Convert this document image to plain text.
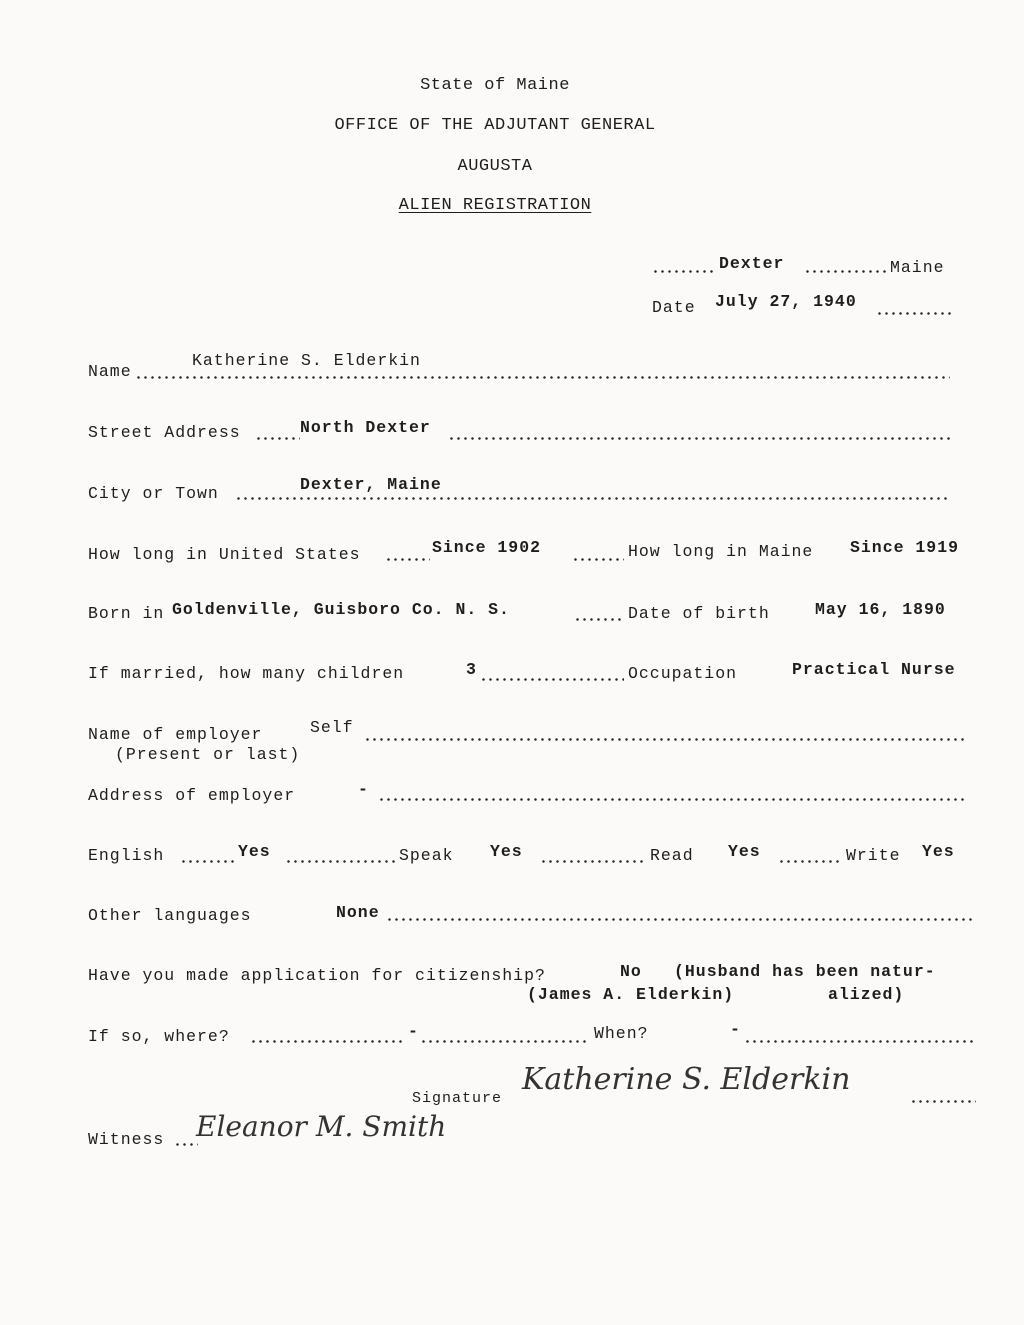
State of Maine
OFFICE OF THE ADJUTANT GENERAL
AUGUSTA
ALIEN REGISTRATION
Dexter	Maine
Date July 27, 1940
Name
Katherine S. Elderkin
Street Address	North Dexter
City or Town	Dexter, Maine
How long in United States	Since 1902	How long in Maine Since 1919
Born in Goldenville, Guisboro Co. N. S.	Date of birth	May 16, 1890
If married, how many children	3	Occupation	Practical Nurse
Name of employer	Self
(Present or last)
Address of employer	-
English	Yes	Speak Yes	Read Yes	Write Yes
Other languages	None
Have you made application for citizenship?	No (Husband has been natur-
(James A. Elderkin)	alized)
If so, where?	-	When?	-
Signature
Katherine S. Elderkin
Witness Eleanor M. Smith
